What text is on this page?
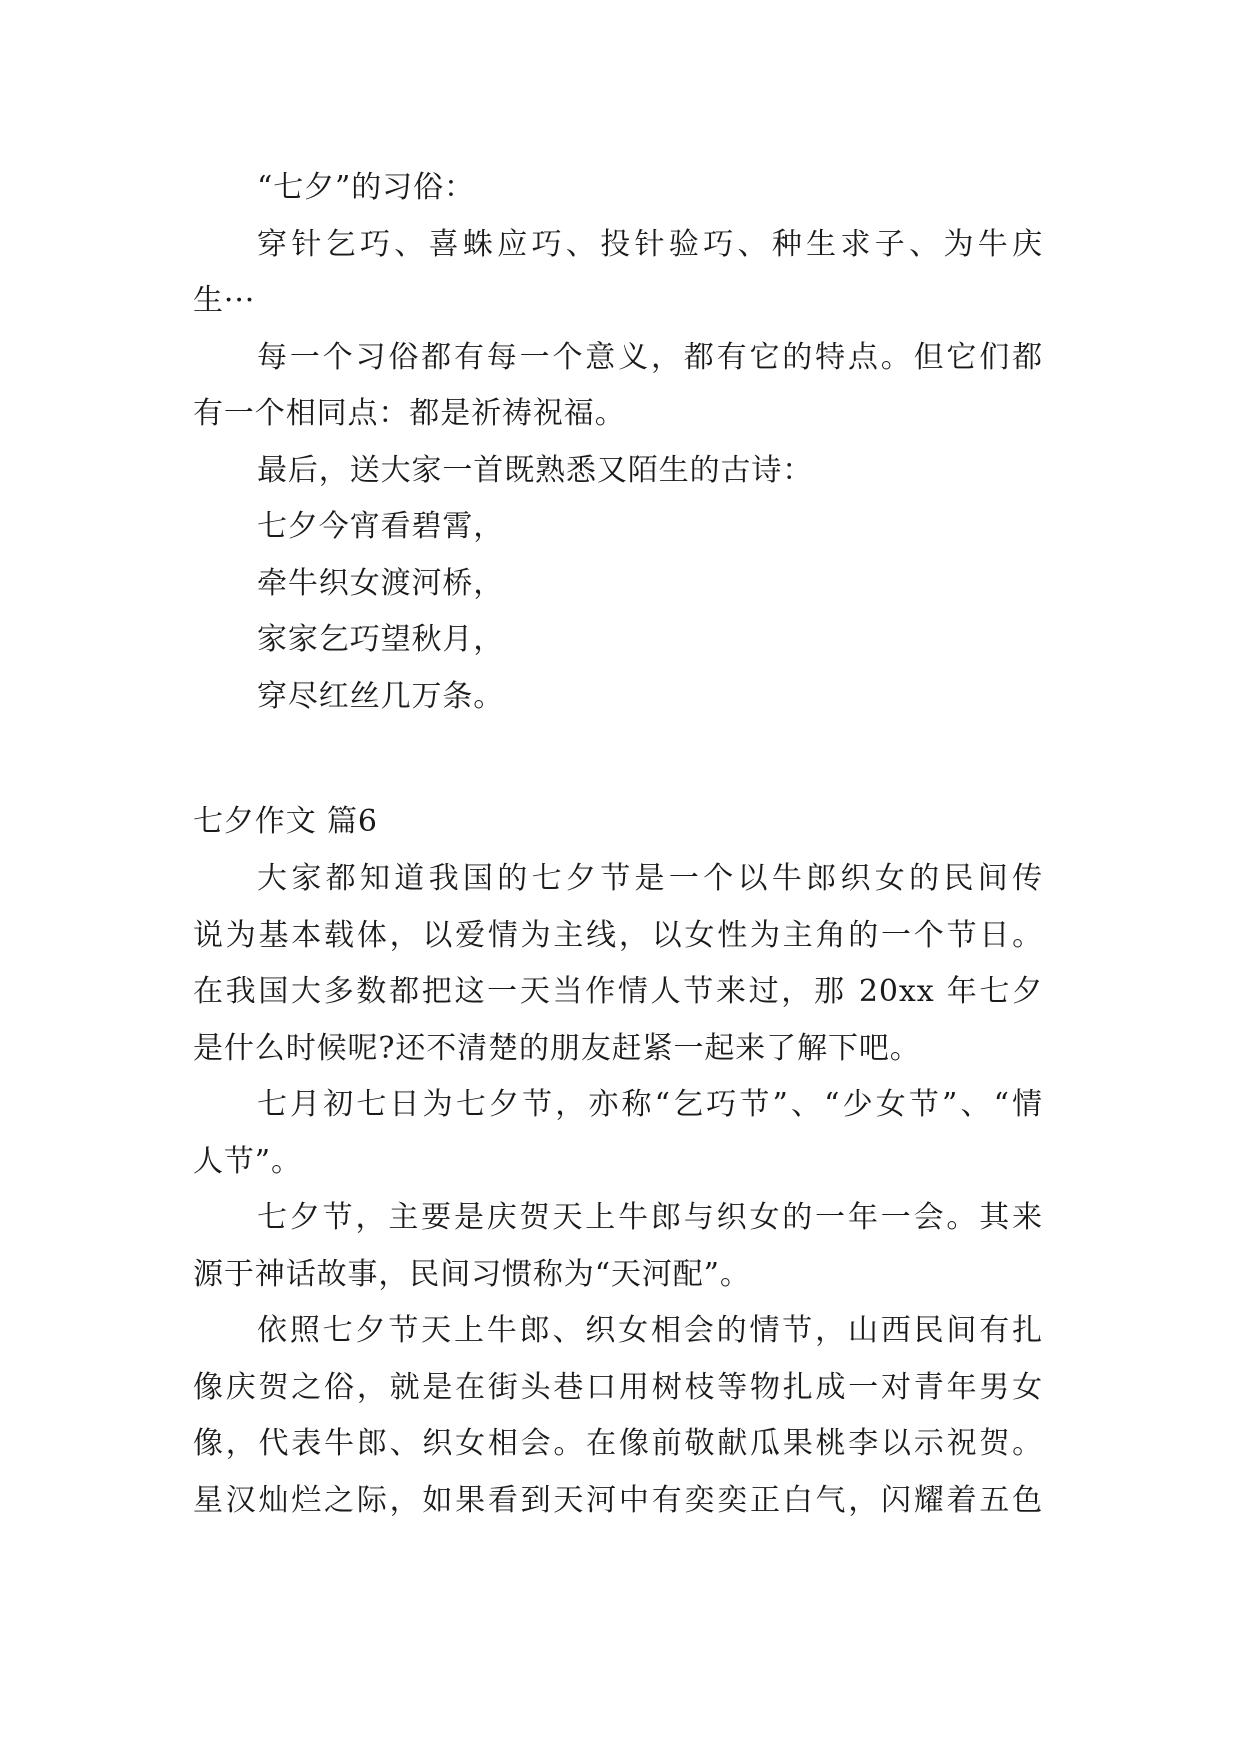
“七夕”的习俗：
穿针乞巧、喜蛛应巧、投针验巧、种生求子、为牛庆
生···
每一个习俗都有每一个意义，都有它的特点。但它们都
有一个相同点：都是祈祷祝福。
最后，送大家一首既熟悉又陌生的古诗：
七夕今宵看碧霄，
牵牛织女渡河桥，
家家乞巧望秋月，
穿尽红丝几万条。
七夕作文 篇6
大家都知道我国的七夕节是一个以牛郎织女的民间传
说为基本载体，以爱情为主线，以女性为主角的一个节日。
在我国大多数都把这一天当作情人节来过，那 20xx 年七夕
是什么时候呢?还不清楚的朋友赶紧一起来了解下吧。
七月初七日为七夕节，亦称“乞巧节”、“少女节”、“情
人节”。
七夕节，主要是庆贺天上牛郎与织女的一年一会。其来
源于神话故事，民间习惯称为“天河配”。
依照七夕节天上牛郎、织女相会的情节，山西民间有扎
像庆贺之俗，就是在街头巷口用树枝等物扎成一对青年男女
像，代表牛郎、织女相会。在像前敬献瓜果桃李以示祝贺。
星汉灿烂之际，如果看到天河中有奕奕正白气，闪耀着五色
